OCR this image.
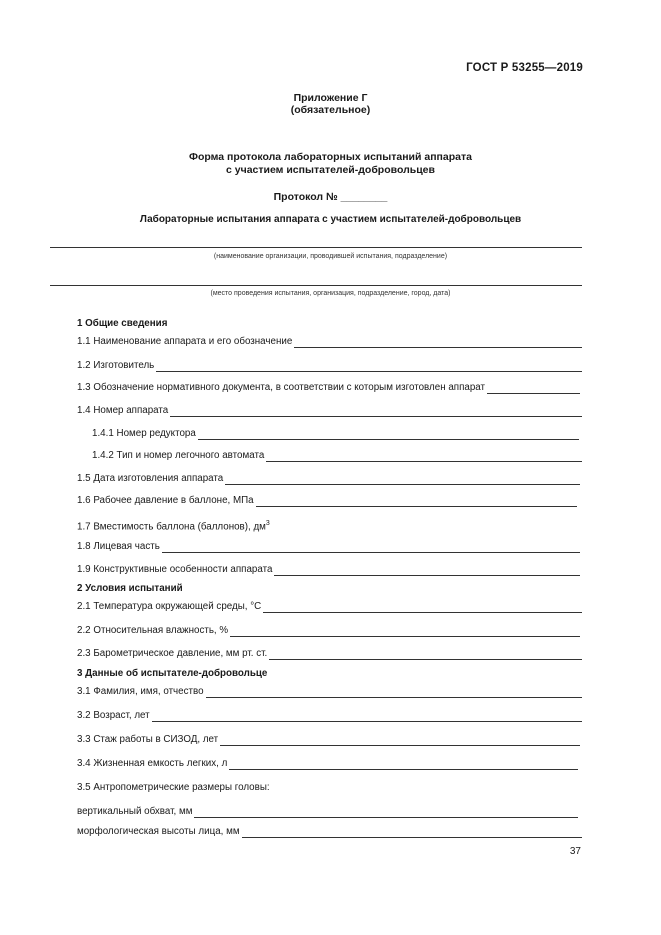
ГОСТ Р 53255—2019
Приложение Г
(обязательное)
Форма протокола лабораторных испытаний аппарата
с участием испытателей-добровольцев
Протокол № ________
Лабораторные испытания аппарата с участием испытателей-добровольцев
(наименование организации, проводившей испытания, подразделение)
(место проведения испытания, организация, подразделение, город, дата)
1 Общие сведения
1.1 Наименование аппарата и его обозначение
1.2 Изготовитель
1.3 Обозначение нормативного документа, в соответствии с которым изготовлен аппарат
1.4 Номер аппарата
1.4.1 Номер редуктора
1.4.2 Тип и номер легочного автомата
1.5 Дата изготовления аппарата
1.6 Рабочее давление в баллоне, МПа
1.7 Вместимость баллона (баллонов), $дм^3$
1.8 Лицевая часть
1.9 Конструктивные особенности аппарата
2 Условия испытаний
2.1 Температура окружающей среды, °С
2.2 Относительная влажность, %
2.3 Барометрическое давление, мм рт. ст.
3 Данные об испытателе-добровольце
3.1 Фамилия, имя, отчество
3.2 Возраст, лет
3.3 Стаж работы в СИЗОД, лет
3.4 Жизненная емкость легких, л
3.5 Антропометрические размеры головы:
вертикальный обхват, мм
морфологическая высоты лица, мм
37
